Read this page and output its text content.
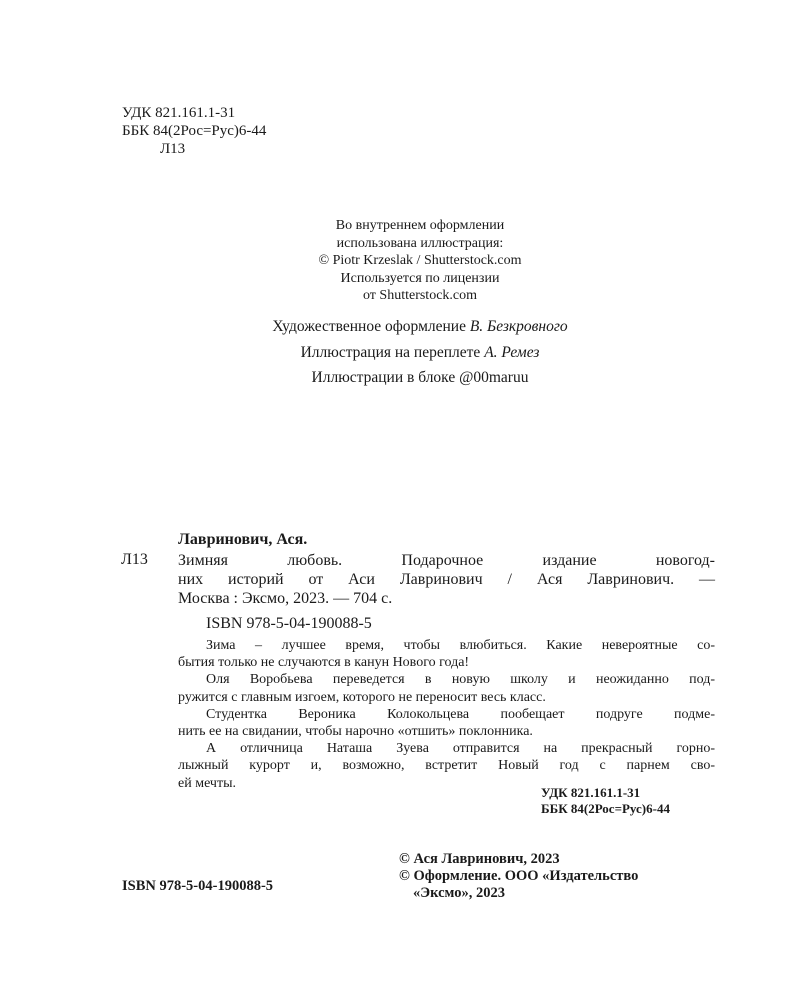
УДК 821.161.1-31
ББК 84(2Рос=Рус)6-44
Л13
Во внутреннем оформлении
использована иллюстрация:
© Piotr Krzeslak / Shutterstock.com
Используется по лицензии
от Shutterstock.com
Художественное оформление В. Безкровного
Иллюстрация на переплете А. Ремез
Иллюстрации в блоке @00maruu
Лавринович, Ася.
Л13 Зимняя любовь. Подарочное издание новогод-
них историй от Аси Лавринович / Ася Лавринович. —
Москва : Эксмо, 2023. — 704 с.
ISBN 978-5-04-190088-5
Зима – лучшее время, чтобы влюбиться. Какие невероятные со-
бытия только не случаются в канун Нового года!
Оля Воробьева переведется в новую школу и неожиданно под-
ружится с главным изгоем, которого не переносит весь класс.
Студентка Вероника Колокольцева пообещает подруге подме-
нить ее на свидании, чтобы нарочно «отшить» поклонника.
А отличница Наташа Зуева отправится на прекрасный горно-
лыжный курорт и, возможно, встретит Новый год с парнем сво-
ей мечты.
УДК 821.161.1-31
ББК 84(2Рос=Рус)6-44
© Ася Лавринович, 2023
© Оформление. ООО «Издательство
«Эксмо», 2023
ISBN 978-5-04-190088-5
